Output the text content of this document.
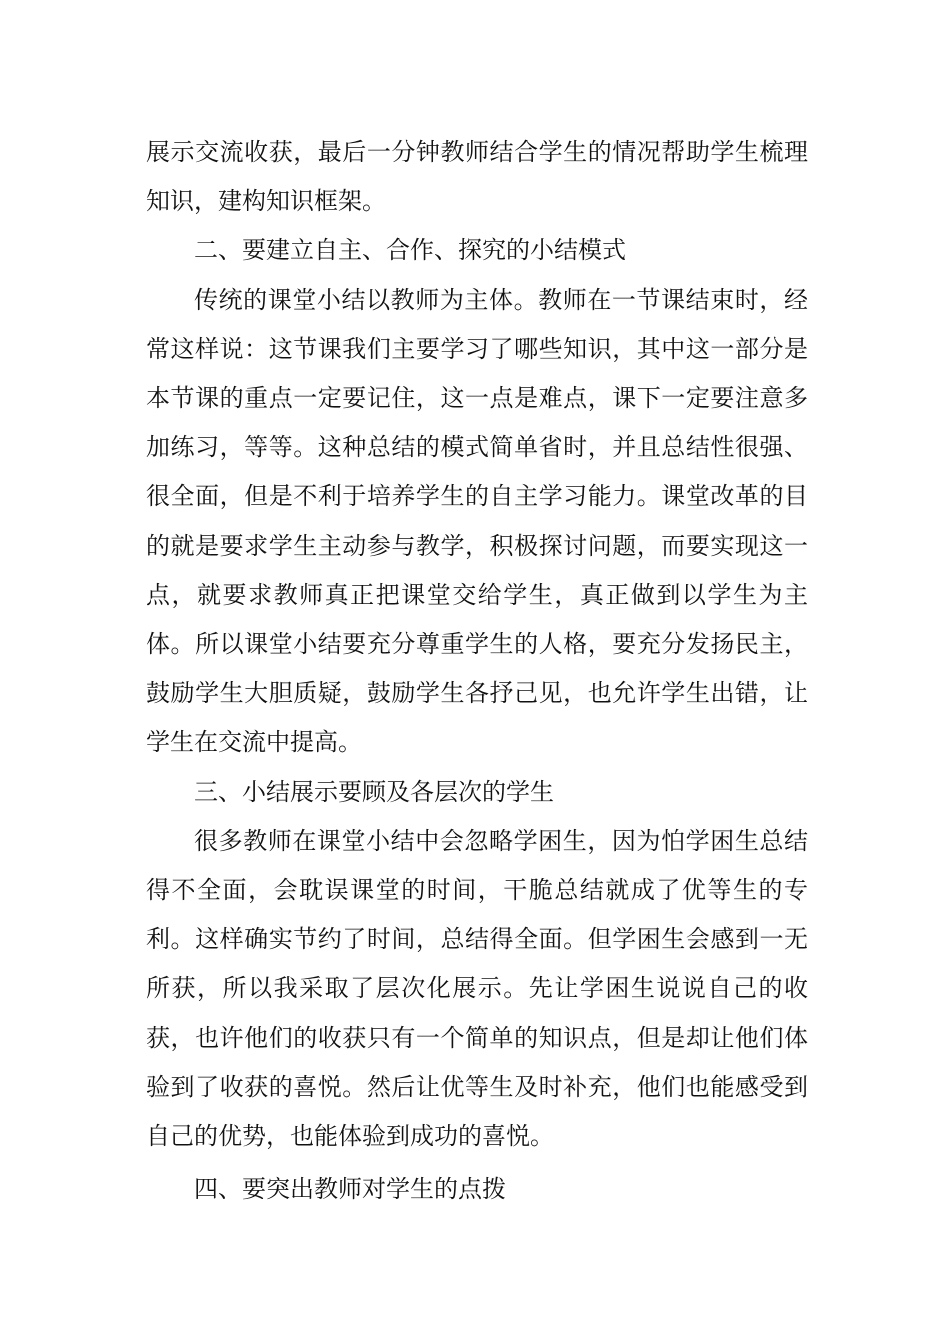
展示交流收获，最后一分钟教师结合学生的情况帮助学生梳理知识，建构知识框架。

二、要建立自主、合作、探究的小结模式

传统的课堂小结以教师为主体。教师在一节课结束时，经常这样说：这节课我们主要学习了哪些知识，其中这一部分是本节课的重点一定要记住，这一点是难点，课下一定要注意多加练习，等等。这种总结的模式简单省时，并且总结性很强、很全面，但是不利于培养学生的自主学习能力。课堂改革的目的就是要求学生主动参与教学，积极探讨问题，而要实现这一点，就要求教师真正把课堂交给学生，真正做到以学生为主体。所以课堂小结要充分尊重学生的人格，要充分发扬民主，鼓励学生大胆质疑，鼓励学生各抒己见，也允许学生出错，让学生在交流中提高。

三、小结展示要顾及各层次的学生

很多教师在课堂小结中会忽略学困生，因为怕学困生总结得不全面，会耽误课堂的时间，干脆总结就成了优等生的专利。这样确实节约了时间，总结得全面。但学困生会感到一无所获，所以我采取了层次化展示。先让学困生说说自己的收获，也许他们的收获只有一个简单的知识点，但是却让他们体验到了收获的喜悦。然后让优等生及时补充，他们也能感受到自己的优势，也能体验到成功的喜悦。

四、要突出教师对学生的点拨
